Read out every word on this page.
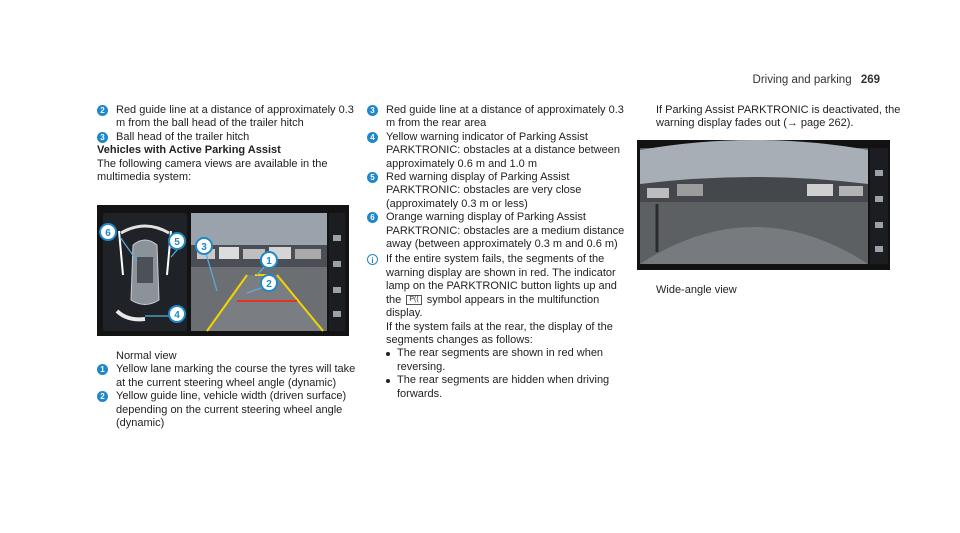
Driving and parking 269
2 Red guide line at a distance of approximately 0.3 m from the ball head of the trailer hitch
3 Ball head of the trailer hitch
Vehicles with Active Parking Assist
The following camera views are available in the multimedia system:
6
5
4
3
1
2
Normal view
1 Yellow lane marking the course the tyres will take at the current steering wheel angle (dynamic)
2 Yellow guide line, vehicle width (driven surface) depending on the current steering wheel angle (dynamic)
3 Red guide line at a distance of approximately 0.3 m from the rear area
4 Yellow warning indicator of Parking Assist PARKTRONIC: obstacles at a distance between approximately 0.6 m and 1.0 m
5 Red warning display of Parking Assist PARKTRONIC: obstacles are very close (approximately 0.3 m or less)
6 Orange warning display of Parking Assist PARKTRONIC: obstacles are a medium distance away (between approximately 0.3 m and 0.6 m)
i	If the entire system fails, the segments of the warning display are shown in red. The indicator lamp on the PARKTRONIC button lights up and the P(( symbol appears in the multifunction display.
If the system fails at the rear, the display of the segments changes as follows:
The rear segments are shown in red when reversing.
The rear segments are hidden when driving forwards.
If Parking Assist PARKTRONIC is deactivated, the warning display fades out (→ page 262).
Wide-angle view
